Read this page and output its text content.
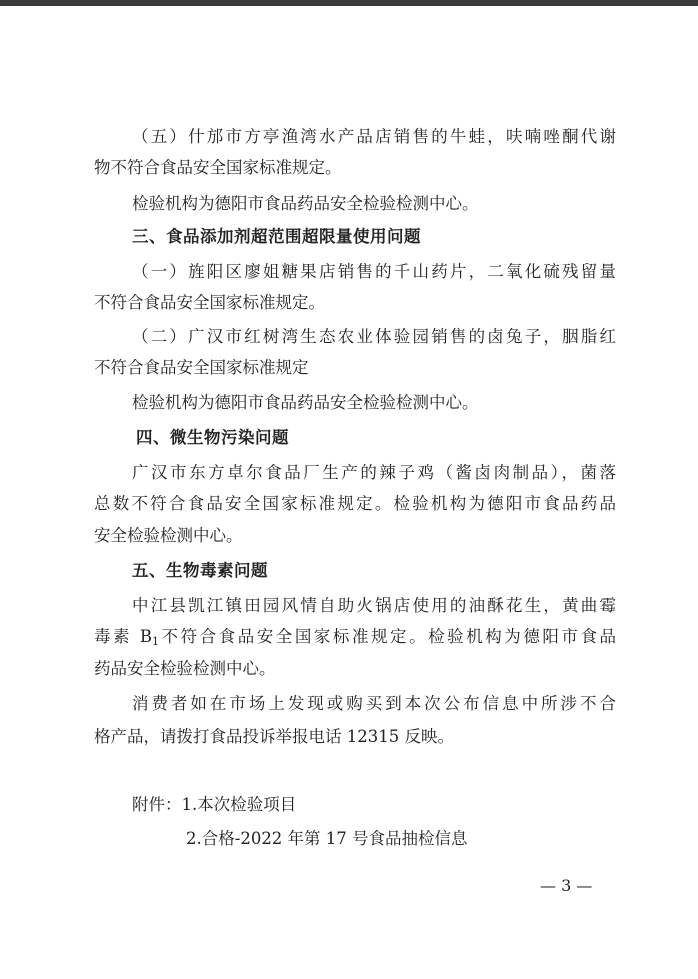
（五）什邡市方亭渔湾水产品店销售的牛蛙，呋喃唑酮代谢
物不符合食品安全国家标准规定。
检验机构为德阳市食品药品安全检验检测中心。
三、食品添加剂超范围超限量使用问题
（一）旌阳区廖姐糖果店销售的千山药片，二氧化硫残留量
不符合食品安全国家标准规定。
（二）广汉市红树湾生态农业体验园销售的卤兔子，胭脂红
不符合食品安全国家标准规定
检验机构为德阳市食品药品安全检验检测中心。
四、微生物污染问题
广汉市东方卓尔食品厂生产的辣子鸡（酱卤肉制品），菌落
总数不符合食品安全国家标准规定。检验机构为德阳市食品药品
安全检验检测中心。
五、生物毒素问题
中江县凯江镇田园风情自助火锅店使用的油酥花生，黄曲霉
毒素 $B_1$不符合食品安全国家标准规定。检验机构为德阳市食品
药品安全检验检测中心。
消费者如在市场上发现或购买到本次公布信息中所涉不合
格产品，请拨打食品投诉举报电话 12315 反映。
附件：1.本次检验项目
2.合格-2022 年第 17 号食品抽检信息
— 3 —
